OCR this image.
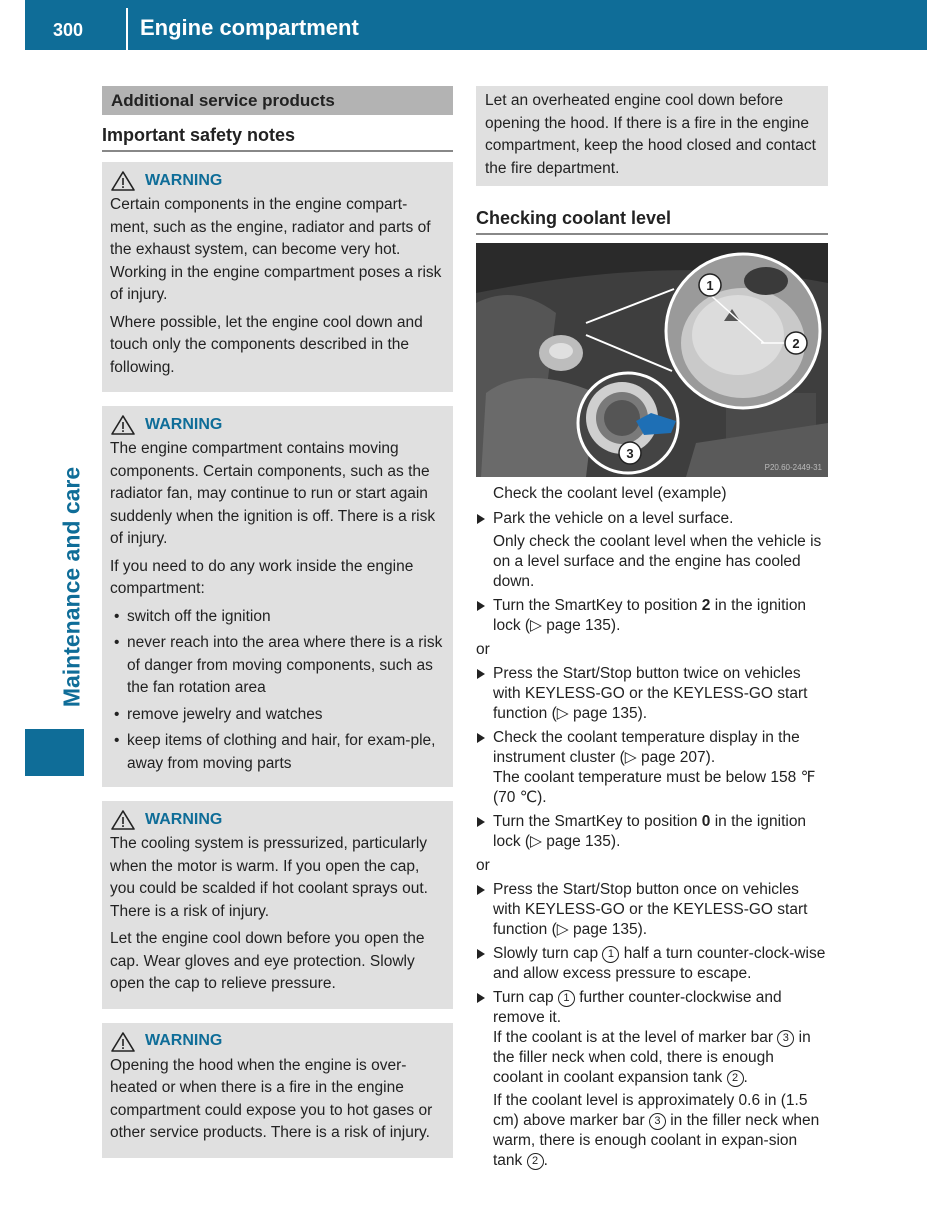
300	Engine compartment
Maintenance and care
Additional service products
Important safety notes
WARNING

Certain components in the engine compart-ment, such as the engine, radiator and parts of the exhaust system, can become very hot. Working in the engine compartment poses a risk of injury.

Where possible, let the engine cool down and touch only the components described in the following.

WARNING

The engine compartment contains moving components. Certain components, such as the radiator fan, may continue to run or start again suddenly when the ignition is off. There is a risk of injury.

If you need to do any work inside the engine compartment:

• switch off the ignition
• never reach into the area where there is a risk of danger from moving components, such as the fan rotation area
• remove jewelry and watches
• keep items of clothing and hair, for exam-ple, away from moving parts
WARNING

The cooling system is pressurized, particularly when the motor is warm. If you open the cap, you could be scalded if hot coolant sprays out. There is a risk of injury.

Let the engine cool down before you open the cap. Wear gloves and eye protection. Slowly open the cap to relieve pressure.

WARNING

Opening the hood when the engine is over-heated or when there is a fire in the engine compartment could expose you to hot gases or other service products. There is a risk of injury.

Let an overheated engine cool down before opening the hood. If there is a fire in the engine compartment, keep the hood closed and contact the fire department.

Checking coolant level
1
2
3
P20.60-2449-31
Check the coolant level (example)

Park the vehicle on a level surface.

Only check the coolant level when the vehicle is on a level surface and the engine has cooled down.

Turn the SmartKey to position 2 in the ignition lock (▷ page 135).

or

Press the Start/Stop button twice on vehicles with KEYLESS-GO or the KEYLESS-GO start function (▷ page 135).

Check the coolant temperature display in the instrument cluster (▷ page 207).

The coolant temperature must be below 158 ℉ (70 ℃).

Turn the SmartKey to position 0 in the ignition lock (▷ page 135).

or

Press the Start/Stop button once on vehicles with KEYLESS-GO or the KEYLESS-GO start function (▷ page 135).

Slowly turn cap 1 half a turn counter-clock-wise and allow excess pressure to escape.

Turn cap 1 further counter-clockwise and remove it.

If the coolant is at the level of marker bar 3 in the filler neck when cold, there is enough coolant in coolant expansion tank 2 .

If the coolant level is approximately 0.6 in (1.5 cm) above marker bar 3 in the filler neck when warm, there is enough coolant in expan-sion tank 2 .
